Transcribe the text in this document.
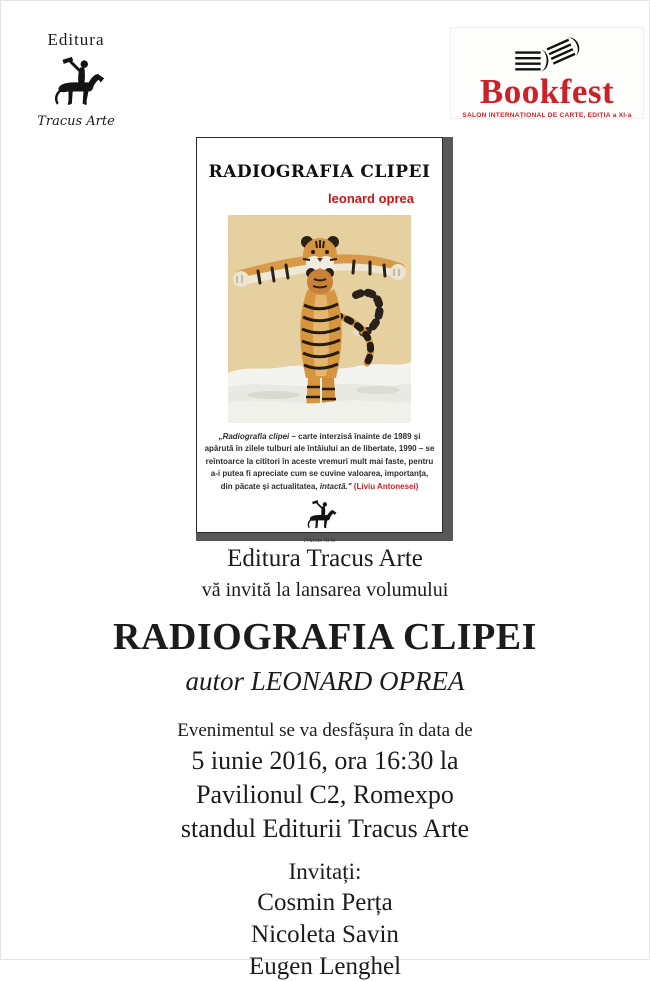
Editura
Tracus Arte
Bookfest
SALON INTERNAȚIONAL DE CARTE, EDIȚIA a XI-a
RADIOGRAFIA CLIPEI
leonard oprea
„Radiografia clipei – carte interzisă înainte de 1989 și apărută în zilele tulburi ale întâiului an de libertate, 1990 – se reîntoarce la cititori în aceste vremuri mult mai faste, pentru a-i putea fi apreciate cum se cuvine valoarea, importanța, din păcate și actualitatea, intactă." (Liviu Antonesei)
Tracus Arte

Editura Tracus Arte

vă invită la lansarea volumului

RADIOGRAFIA CLIPEI

autor LEONARD OPREA

Evenimentul se va desfășura în data de

5 iunie 2016, ora 16:30 la

Pavilionul C2, Romexpo

standul Editurii Tracus Arte

Invitați:

Cosmin Perța

Nicoleta Savin

Eugen Lenghel
